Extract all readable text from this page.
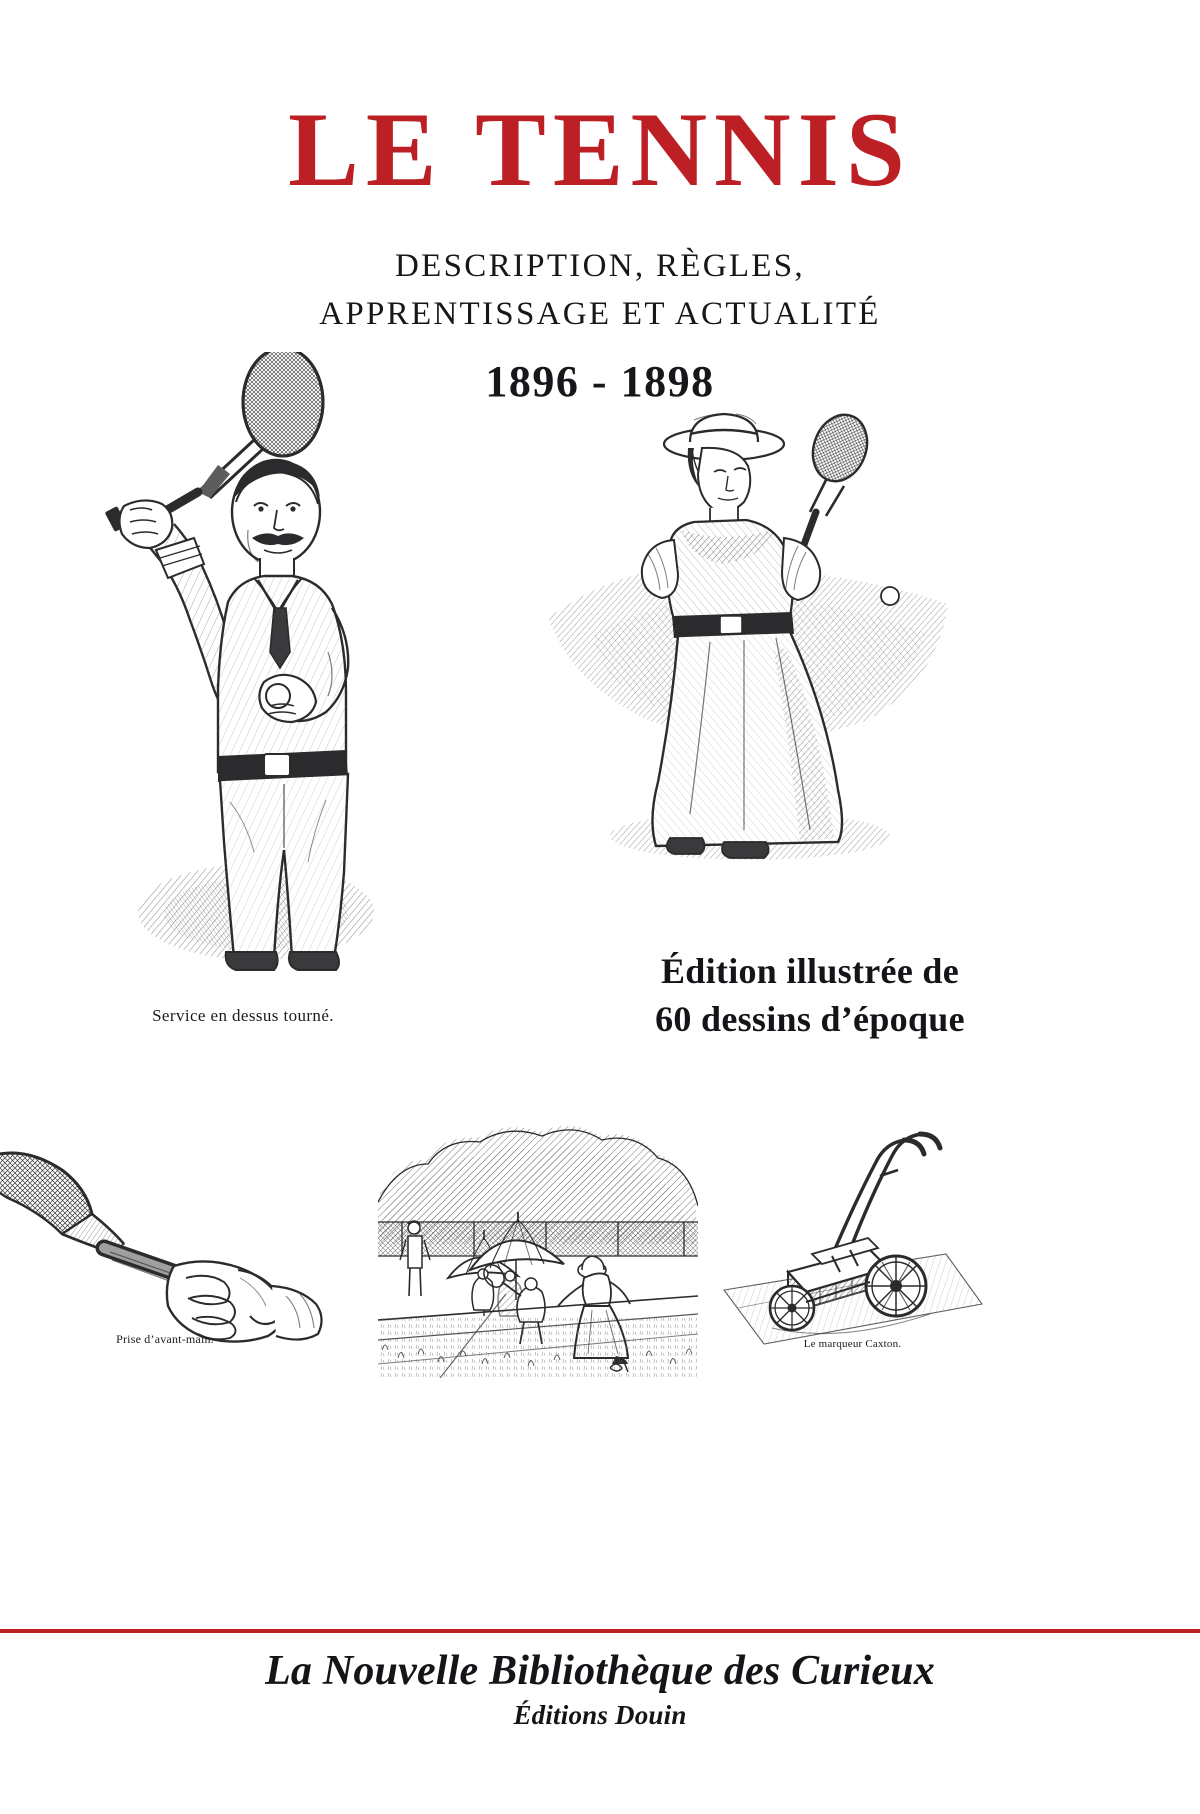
LE TENNIS
DESCRIPTION, RÈGLES,
APPRENTISSAGE ET ACTUALITÉ
1896 - 1898
Service en dessus tourné.
Édition illustrée de
60 dessins d’époque
Prise d’avant-main.	Le marqueur Caxton.
La Nouvelle Bibliothèque des Curieux
Éditions Douin
